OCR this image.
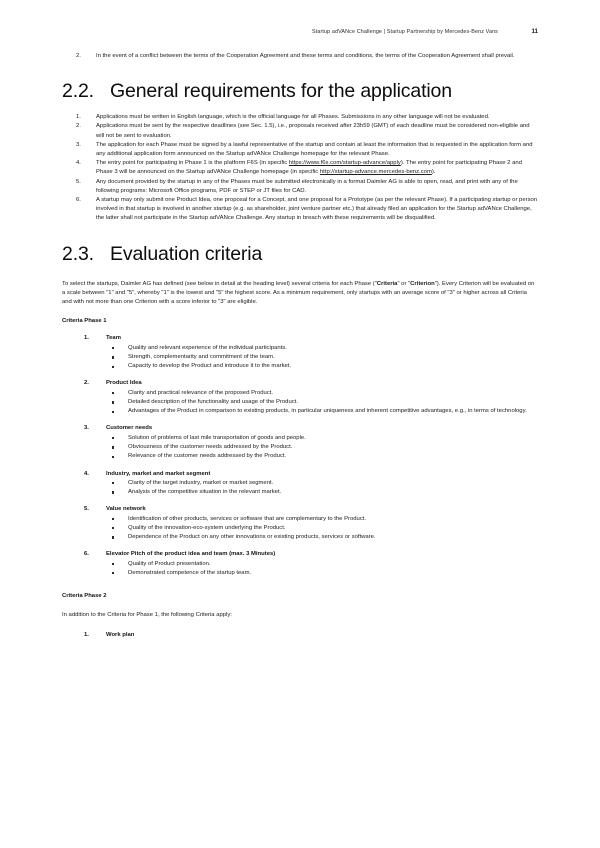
Startup adVANce Challenge | Startup Partnership by Mercedes-Benz Vans	11
2.	In the event of a conflict between the terms of the Cooperation Agreement and these terms and conditions, the terms of the Cooperation Agreement shall prevail.
2.2. General requirements for the application
1.	Applications must be written in English language, which is the official language for all Phases. Submissions in any other language will not be evaluated.
2.	Applications must be sent by the respective deadlines (see Sec. 1.5), i.e., proposals received after 23h59 (GMT) of each deadline must be considered non-eligible and will not be sent to evaluation.
3.	The application for each Phase must be signed by a lawful representative of the startup and contain at least the information that is requested in the application form and any additional application form announced on the Startup adVANce Challenge homepage for the relevant Phase.
4.	The entry point for participating in Phase 1 is the platform F6S (in specific https://www.f6s.com/startup-advance/apply). The entry point for participating Phase 2 and Phase 3 will be announced on the Startup adVANce Challenge homepage (in specific http://startup-advance.mercedes-benz.com).
5.	Any document provided by the startup in any of the Phases must be submitted electronically in a format Daimler AG is able to open, read, and print with any of the following programs: Microsoft Office programs, PDF or STEP or JT files for CAD.
6.	A startup may only submit one Product Idea, one proposal for a Concept, and one proposal for a Prototype (as per the relevant Phase). If a participating startup or person involved in that startup is involved in another startup (e.g. as shareholder, joint venture partner etc.) that already filed an application for the Startup adVANce Challenge, the latter shall not participate in the Startup adVANce Challenge. Any startup in breach with these requirements will be disqualified.
2.3. Evaluation criteria

To select the startups, Daimler AG has defined (see below in detail at the heading level) several criteria for each Phase ("Criteria" or "Criterion"). Every Criterion will be evaluated on a scale between "1" and "5", whereby "1" is the lowest and "5" the highest score. As a minimum requirement, only startups with an average score of "3" or higher across all Criteria and with not more than one Criterion with a score inferior to "3" are eligible.

Criteria Phase 1
1.	Team
Quality and relevant experience of the individual participants.
Strength, complementarity and commitment of the team.
Capacity to develop the Product and introduce it to the market.
2.	Product Idea
Clarity and practical relevance of the proposed Product.
Detailed description of the functionality and usage of the Product.
Advantages of the Product in comparison to existing products, in particular uniqueness and inherent competitive advantages, e.g., in terms of technology.
3.	Customer needs
Solution of problems of last mile transportation of goods and people.
Obviousness of the customer needs addressed by the Product.
Relevance of the customer needs addressed by the Product.
4.	Industry, market and market segment
Clarity of the target industry, market or market segment.
Analysis of the competitive situation in the relevant market.
5.	Value network
Identification of other products, services or software that are complementary to the Product.
Quality of the innovation-eco-system underlying the Product.
Dependence of the Product on any other innovations or existing products, services or software.
6.	Elevator Pitch of the product idea and team (max. 3 Minutes)
Quality of Product presentation.
Demonstrated competence of the startup team.
Criteria Phase 2

In addition to the Criteria for Phase 1, the following Criteria apply:

1.	Work plan
